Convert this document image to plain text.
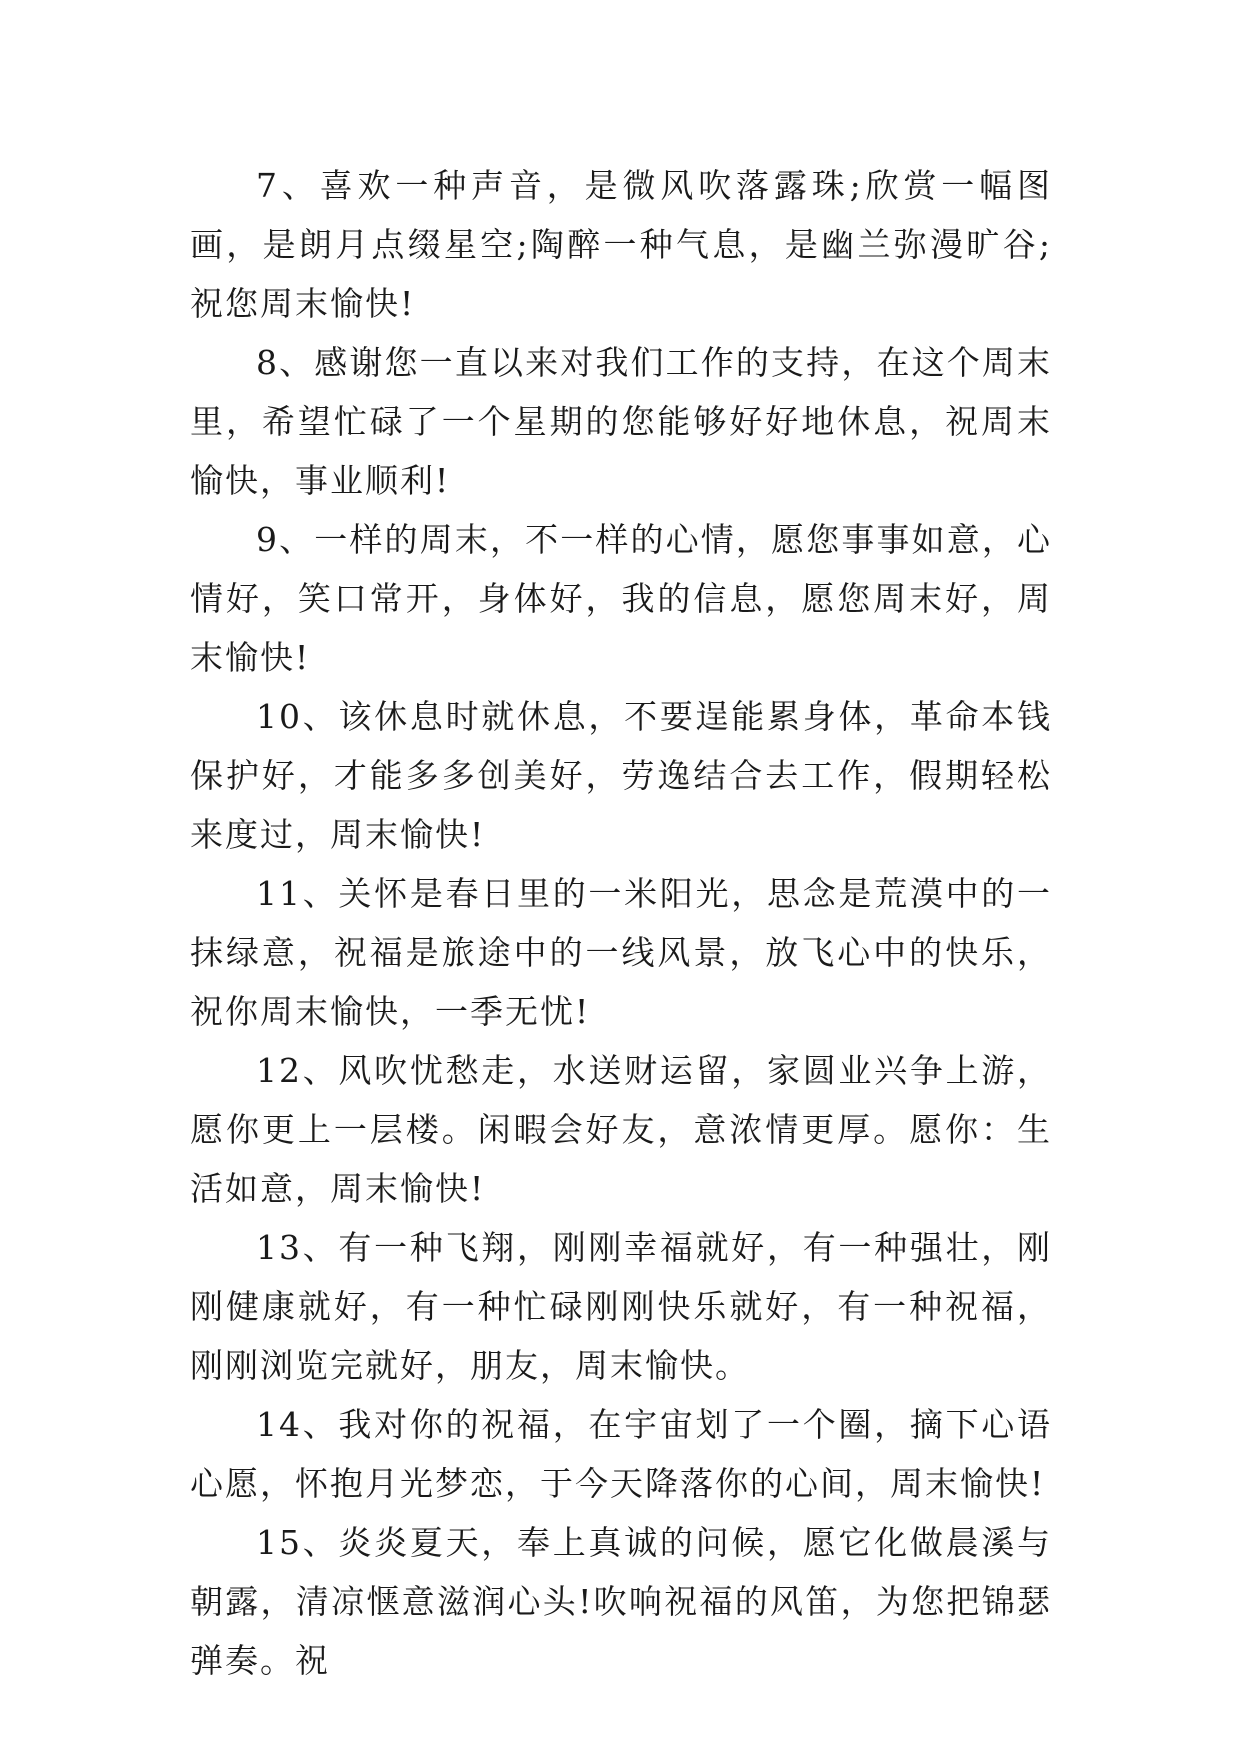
7、喜欢一种声音，是微风吹落露珠;欣赏一幅图画，是朗月点缀星空;陶醉一种气息，是幽兰弥漫旷谷;祝您周末愉快!

8、感谢您一直以来对我们工作的支持，在这个周末里，希望忙碌了一个星期的您能够好好地休息，祝周末愉快，事业顺利!

9、一样的周末，不一样的心情，愿您事事如意，心情好，笑口常开，身体好，我的信息，愿您周末好，周末愉快!

10、该休息时就休息，不要逞能累身体，革命本钱保护好，才能多多创美好，劳逸结合去工作，假期轻松来度过，周末愉快!

11、关怀是春日里的一米阳光，思念是荒漠中的一抹绿意，祝福是旅途中的一线风景，放飞心中的快乐，祝你周末愉快，一季无忧!

12、风吹忧愁走，水送财运留，家圆业兴争上游，愿你更上一层楼。闲暇会好友，意浓情更厚。愿你：生活如意，周末愉快!

13、有一种飞翔，刚刚幸福就好，有一种强壮，刚刚健康就好，有一种忙碌刚刚快乐就好，有一种祝福，刚刚浏览完就好，朋友，周末愉快。

14、我对你的祝福，在宇宙划了一个圈，摘下心语心愿，怀抱月光梦恋，于今天降落你的心间，周末愉快!

15、炎炎夏天，奉上真诚的问候，愿它化做晨溪与朝露，清凉惬意滋润心头!吹响祝福的风笛，为您把锦瑟弹奏。祝
